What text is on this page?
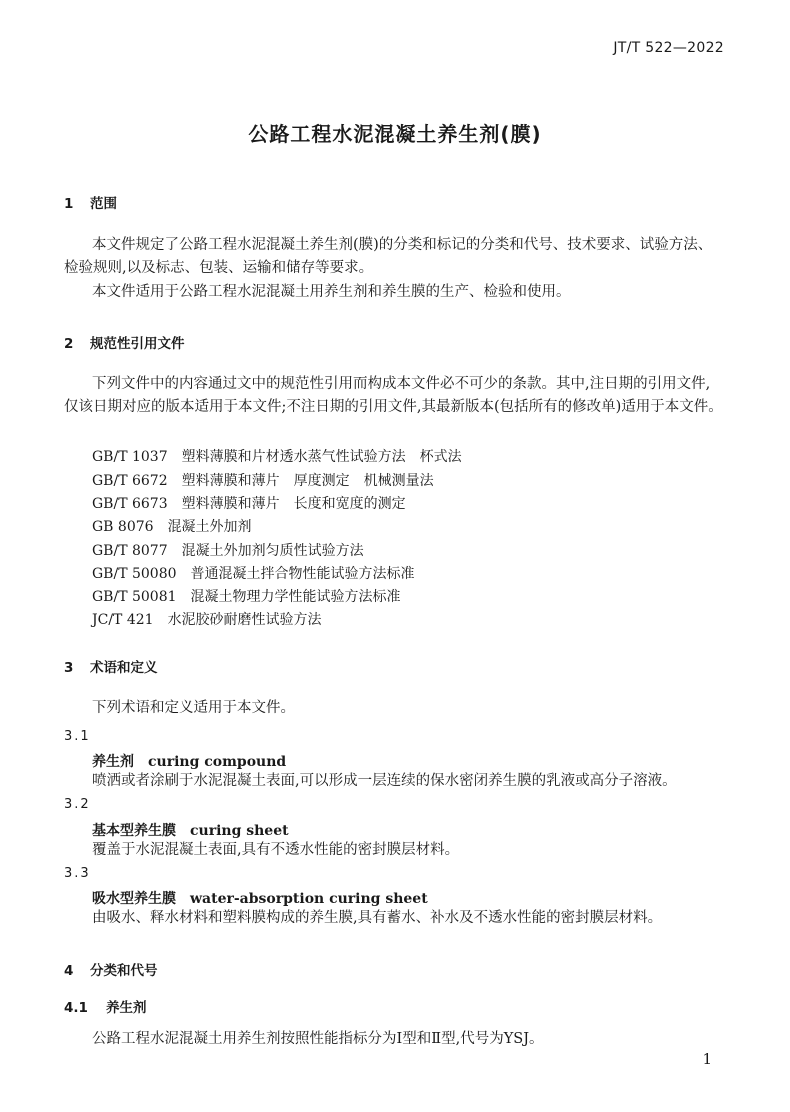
JT/T 522—2022
公路工程水泥混凝土养生剂(膜)
1 范围
本文件规定了公路工程水泥混凝土养生剂(膜)的分类和标记的分类和代号、技术要求、试验方法、检验规则,以及标志、包装、运输和储存等要求。
本文件适用于公路工程水泥混凝土用养生剂和养生膜的生产、检验和使用。
2 规范性引用文件
下列文件中的内容通过文中的规范性引用而构成本文件必不可少的条款。其中,注日期的引用文件,仅该日期对应的版本适用于本文件;不注日期的引用文件,其最新版本(包括所有的修改单)适用于本文件。
GB/T 1037 塑料薄膜和片材透水蒸气性试验方法　杯式法
GB/T 6672 塑料薄膜和薄片　厚度测定　机械测量法
GB/T 6673 塑料薄膜和薄片　长度和宽度的测定
GB 8076 混凝土外加剂
GB/T 8077 混凝土外加剂匀质性试验方法
GB/T 50080 普通混凝土拌合物性能试验方法标准
GB/T 50081 混凝土物理力学性能试验方法标准
JC/T 421 水泥胶砂耐磨性试验方法
3 术语和定义
下列术语和定义适用于本文件。
3.1
养生剂 curing compound
喷洒或者涂刷于水泥混凝土表面,可以形成一层连续的保水密闭养生膜的乳液或高分子溶液。
3.2
基本型养生膜 curing sheet
覆盖于水泥混凝土表面,具有不透水性能的密封膜层材料。
3.3
吸水型养生膜 water-absorption curing sheet
由吸水、释水材料和塑料膜构成的养生膜,具有蓄水、补水及不透水性能的密封膜层材料。
4 分类和代号
4.1 养生剂
公路工程水泥混凝土用养生剂按照性能指标分为Ⅰ型和Ⅱ型,代号为YSJ。
1
